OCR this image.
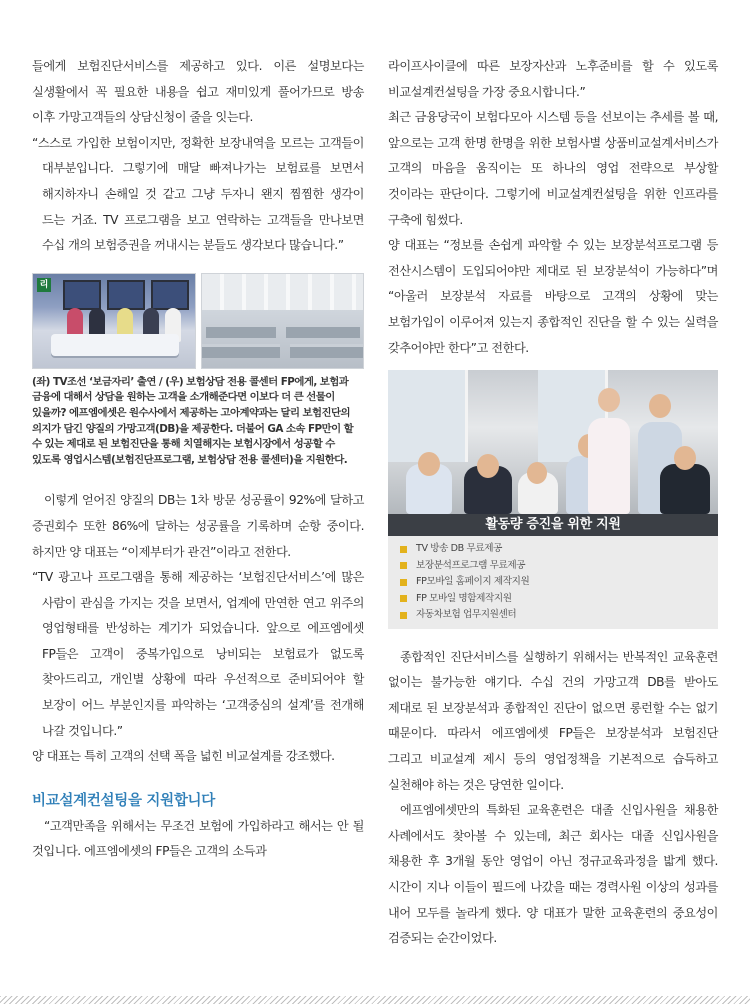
들에게 보험진단서비스를 제공하고 있다. 이른 설명보다는 실생활에서 꼭 필요한 내용을 쉽고 재미있게 풀어가므로 방송 이후 가망고객들의 상담신청이 줄을 잇는다.

“스스로 가입한 보험이지만, 정확한 보장내역을 모르는 고객들이 대부분입니다. 그렇기에 매달 빠져나가는 보험료를 보면서 해지하자니 손해일 것 같고 그냥 두자니 왠지 찜찜한 생각이 드는 거죠. TV 프로그램을 보고 연락하는 고객들을 만나보면 수십 개의 보험증권을 꺼내시는 분들도 생각보다 많습니다.”

리

(좌) TV조선 ‘보금자리’ 출연 / (우) 보험상담 전용 콜센터 FP에게, 보험과 금융에 대해서 상담을 원하는 고객을 소개해준다면 이보다 더 큰 선물이 있을까? 에프엠에셋은 원수사에서 제공하는 고아계약과는 달리 보험진단의 의지가 담긴 양질의 가망고객(DB)을 제공한다. 더불어 GA 소속 FP만이 할 수 있는 제대로 된 보험진단을 통해 치열해지는 보험시장에서 성공할 수 있도록 영업시스템(보험진단프로그램, 보험상담 전용 콜센터)을 지원한다.

이렇게 얻어진 양질의 DB는 1차 방문 성공률이 92%에 달하고 증권회수 또한 86%에 달하는 성공률을 기록하며 순항 중이다. 하지만 양 대표는 “이제부터가 관건”이라고 전한다.

“TV 광고나 프로그램을 통해 제공하는 ‘보험진단서비스’에 많은 사람이 관심을 가지는 것을 보면서, 업계에 만연한 연고 위주의 영업형태를 반성하는 계기가 되었습니다. 앞으로 에프엠에셋 FP들은 고객이 중복가입으로 낭비되는 보험료가 없도록 찾아드리고, 개인별 상황에 따라 우선적으로 준비되어야 할 보장이 어느 부분인지를 파악하는 ‘고객중심의 설계’를 전개해 나갈 것입니다.”

양 대표는 특히 고객의 선택 폭을 넓힌 비교설계를 강조했다.

비교설계컨설팅을 지원합니다

“고객만족을 위해서는 무조건 보험에 가입하라고 해서는 안 될 것입니다. 에프엠에셋의 FP들은 고객의 소득과

라이프사이클에 따른 보장자산과 노후준비를 할 수 있도록 비교설계컨설팅을 가장 중요시합니다.”

최근 금융당국이 보험다모아 시스템 등을 선보이는 추세를 볼 때, 앞으로는 고객 한명 한명을 위한 보험사별 상품비교설계서비스가 고객의 마음을 움직이는 또 하나의 영업 전략으로 부상할 것이라는 판단이다. 그렇기에 비교설계컨설팅을 위한 인프라를 구축에 힘썼다.

양 대표는 “정보를 손쉽게 파악할 수 있는 보장분석프로그램 등 전산시스템이 도입되어야만 제대로 된 보장분석이 가능하다”며 “아울러 보장분석 자료를 바탕으로 고객의 상황에 맞는 보험가입이 이루어져 있는지 종합적인 진단을 할 수 있는 실력을 갖추어야만 한다”고 전한다.

활동량 증진을 위한 지원
TV 방송 DB 무료제공
보장분석프로그램 무료제공
FP모바일 홈페이지 제작지원
FP 모바일 명함제작지원
자동차보험 업무지원센터

종합적인 진단서비스를 실행하기 위해서는 반복적인 교육훈련 없이는 불가능한 얘기다. 수십 건의 가망고객 DB를 받아도 제대로 된 보장분석과 종합적인 진단이 없으면 롱런할 수는 없기 때문이다. 따라서 에프엠에셋 FP들은 보장분석과 보험진단 그리고 비교설계 제시 등의 영업정책을 기본적으로 습득하고 실천해야 하는 것은 당연한 일이다.

에프엠에셋만의 특화된 교육훈련은 대졸 신입사원을 채용한 사례에서도 찾아볼 수 있는데, 최근 회사는 대졸 신입사원을 채용한 후 3개월 동안 영업이 아닌 정규교육과정을 밟게 했다. 시간이 지나 이들이 필드에 나갔을 때는 경력사원 이상의 성과를 내어 모두를 놀라게 했다. 양 대표가 말한 교육훈련의 중요성이 검증되는 순간이었다.
